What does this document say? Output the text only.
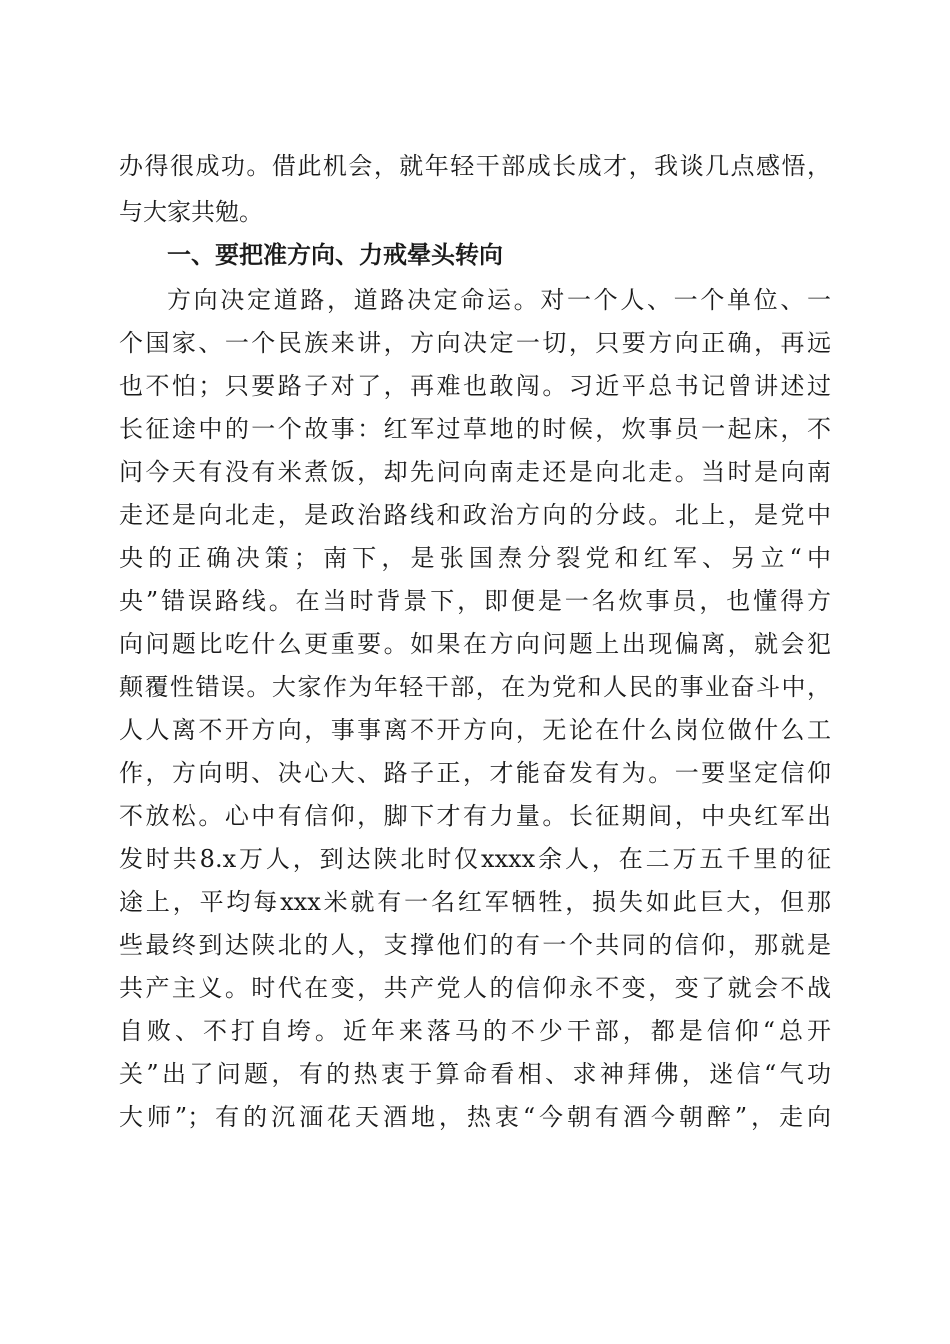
办得很成功。借此机会，就年轻干部成长成才，我谈几点感悟，
与大家共勉。
一、要把准方向、力戒晕头转向
方向决定道路，道路决定命运。对一个人、一个单位、一
个国家、一个民族来讲，方向决定一切，只要方向正确，再远
也不怕；只要路子对了，再难也敢闯。习近平总书记曾讲述过
长征途中的一个故事：红军过草地的时候，炊事员一起床，不
问今天有没有米煮饭，却先问向南走还是向北走。当时是向南
走还是向北走，是政治路线和政治方向的分歧。北上，是党中
央的正确决策；南下，是张国焘分裂党和红军、另立“中
央”错误路线。在当时背景下，即便是一名炊事员，也懂得方
向问题比吃什么更重要。如果在方向问题上出现偏离，就会犯
颠覆性错误。大家作为年轻干部，在为党和人民的事业奋斗中，
人人离不开方向，事事离不开方向，无论在什么岗位做什么工
作，方向明、决心大、路子正，才能奋发有为。一要坚定信仰
不放松。心中有信仰，脚下才有力量。长征期间，中央红军出
发时共8.x万人，到达陕北时仅xxxx余人，在二万五千里的征
途上，平均每xxx米就有一名红军牺牲，损失如此巨大，但那
些最终到达陕北的人，支撑他们的有一个共同的信仰，那就是
共产主义。时代在变，共产党人的信仰永不变，变了就会不战
自败、不打自垮。近年来落马的不少干部，都是信仰“总开
关”出了问题，有的热衷于算命看相、求神拜佛，迷信“气功
大师”；有的沉湎花天酒地，热衷“今朝有酒今朝醉”，走向
